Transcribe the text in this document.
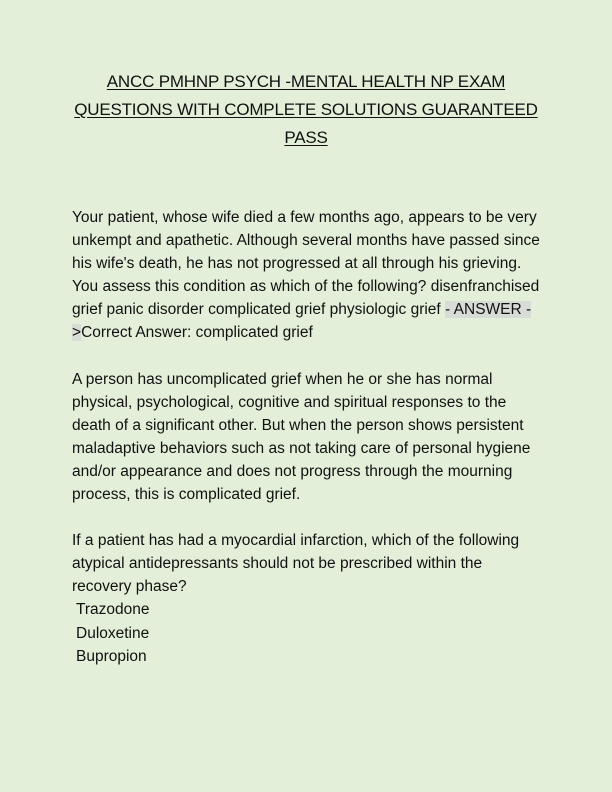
ANCC PMHNP PSYCH -MENTAL HEALTH NP EXAM
QUESTIONS WITH COMPLETE SOLUTIONS GUARANTEED
PASS

Your patient, whose wife died a few months ago, appears to be very unkempt and apathetic. Although several months have passed since his wife's death, he has not progressed at all through his grieving. You assess this condition as which of the following? disenfranchised grief panic disorder complicated grief physiologic grief - ANSWER ->Correct Answer: complicated grief

A person has uncomplicated grief when he or she has normal physical, psychological, cognitive and spiritual responses to the death of a significant other. But when the person shows persistent maladaptive behaviors such as not taking care of personal hygiene and/or appearance and does not progress through the mourning process, this is complicated grief.

If a patient has had a myocardial infarction, which of the following atypical antidepressants should not be prescribed within the recovery phase?
Trazodone
Duloxetine
Bupropion
